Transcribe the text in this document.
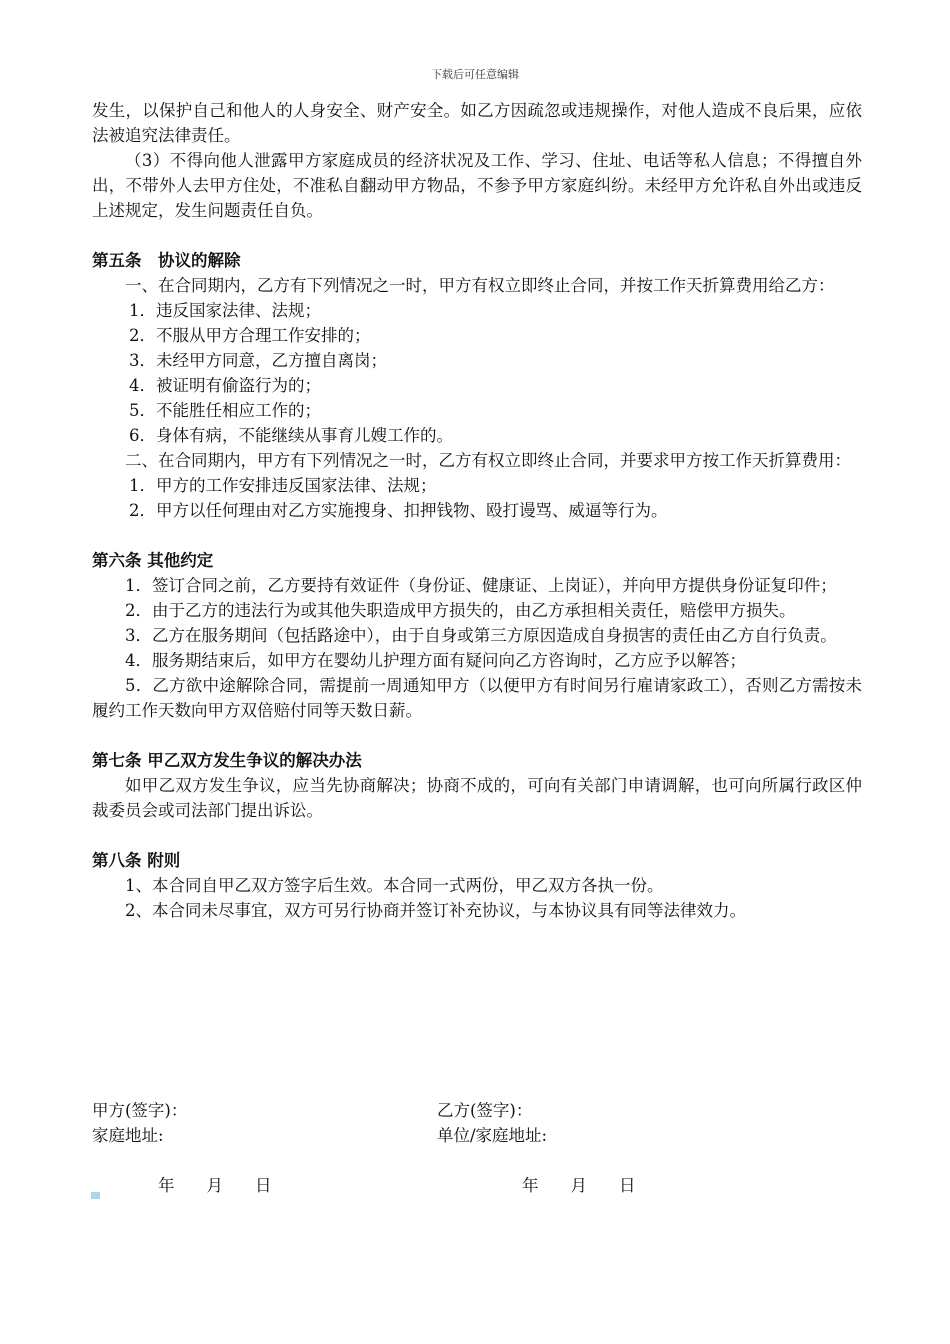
下载后可任意编辑

发生，以保护自己和他人的人身安全、财产安全。如乙方因疏忽或违规操作，对他人造成不良后果，应依法被追究法律责任。

（3）不得向他人泄露甲方家庭成员的经济状况及工作、学习、住址、电话等私人信息；不得擅自外出，不带外人去甲方住处，不准私自翻动甲方物品，不参予甲方家庭纠纷。未经甲方允许私自外出或违反上述规定，发生问题责任自负。

第五条　协议的解除

一、在合同期内，乙方有下列情况之一时，甲方有权立即终止合同，并按工作天折算费用给乙方：

1．违反国家法律、法规；

2．不服从甲方合理工作安排的；

3．未经甲方同意，乙方擅自离岗；

4．被证明有偷盗行为的；

5．不能胜任相应工作的；

6．身体有病，不能继续从事育儿嫂工作的。

二、在合同期内，甲方有下列情况之一时，乙方有权立即终止合同，并要求甲方按工作天折算费用：

1．甲方的工作安排违反国家法律、法规；

2．甲方以任何理由对乙方实施搜身、扣押钱物、殴打谩骂、威逼等行为。

第六条 其他约定

1．签订合同之前，乙方要持有效证件（身份证、健康证、上岗证），并向甲方提供身份证复印件；

2．由于乙方的违法行为或其他失职造成甲方损失的，由乙方承担相关责任，赔偿甲方损失。

3．乙方在服务期间（包括路途中），由于自身或第三方原因造成自身损害的责任由乙方自行负责。

4．服务期结束后，如甲方在婴幼儿护理方面有疑问向乙方咨询时，乙方应予以解答；

5．乙方欲中途解除合同，需提前一周通知甲方（以便甲方有时间另行雇请家政工），否则乙方需按未履约工作天数向甲方双倍赔付同等天数日薪。

第七条 甲乙双方发生争议的解决办法

如甲乙双方发生争议，应当先协商解决；协商不成的，可向有关部门申请调解，也可向所属行政区仲裁委员会或司法部门提出诉讼。

第八条 附则

1、本合同自甲乙双方签字后生效。本合同一式两份，甲乙双方各执一份。

2、本合同未尽事宜，双方可另行协商并签订补充协议，与本协议具有同等法律效力。

甲方(签字)：
家庭地址:
乙方(签字)：
单位/家庭地址:
年 月 日	年 月 日
